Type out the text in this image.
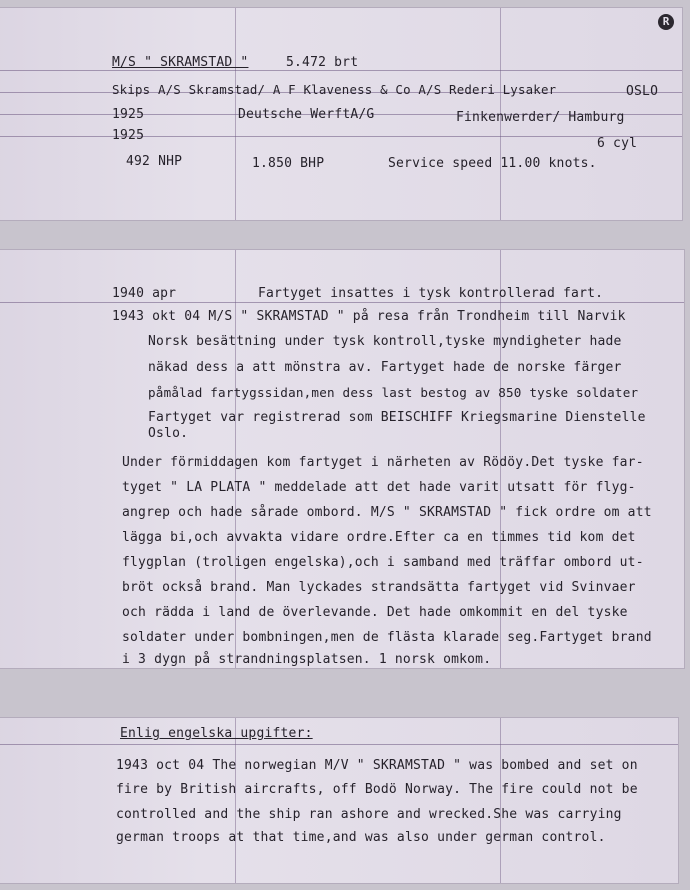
R
M/S " SKRAMSTAD "	5.472 brt
Skips A/S Skramstad/ A F Klaveness & Co A/S Rederi Lysaker	OSLO
1925	Deutsche WerftA/G	Finkenwerder/ Hamburg
1925
6 cyl
492 NHP	1.850 BHP	Service speed 11.00 knots.
1940 apr	Fartyget insattes i tysk kontrollerad fart.
1943 okt 04 M/S " SKRAMSTAD " på resa från Trondheim till Narvik
Norsk besättning under tysk kontroll,tyske myndigheter hade
näkad dess a att mönstra av. Fartyget hade de norske färger
påmålad fartygssidan,men dess last bestog av 850 tyske soldater
Fartyget var registrerad som BEISCHIFF Kriegsmarine Dienstelle
Oslo.
Under förmiddagen kom fartyget i närheten av Rödöy.Det tyske far-
tyget " LA PLATA " meddelade att det hade varit utsatt för flyg-
angrep och hade sårade ombord. M/S " SKRAMSTAD " fick ordre om att
lägga bi,och avvakta vidare ordre.Efter ca en timmes tid kom det
flygplan (troligen engelska),och i samband med träffar ombord ut-
bröt också brand. Man lyckades strandsätta fartyget vid Svinvaer
och rädda i land de överlevande. Det hade omkommit en del tyske
soldater under bombningen,men de flästa klarade seg.Fartyget brand
i 3 dygn på strandningsplatsen. 1 norsk omkom.
Enlig engelska upgifter:
1943 oct 04 The norwegian M/V " SKRAMSTAD " was bombed and set on
fire by British aircrafts, off Bodö Norway. The fire could not be
controlled and the ship ran ashore and wrecked.She was carrying
german troops at that time,and was also under german control.
